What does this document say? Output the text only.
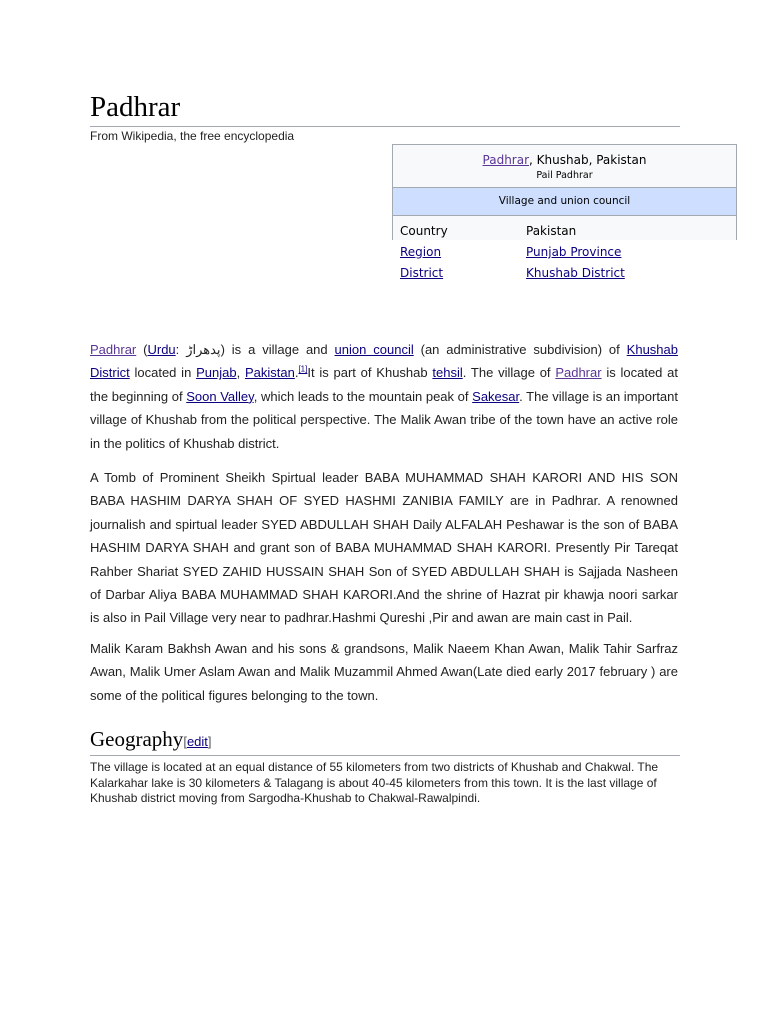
Padhrar
From Wikipedia, the free encyclopedia
Padhrar, Khushab, Pakistan
Pail Padhrar
Village and union council
Country	Pakistan
Region	Punjab Province
District	Khushab District
Padhrar (Urdu: پدھراڑ) is a village and union council (an administrative subdivision) of Khushab District located in Punjab, Pakistan.[1]It is part of Khushab tehsil. The village of Padhrar is located at the beginning of Soon Valley, which leads to the mountain peak of Sakesar. The village is an important village of Khushab from the political perspective. The Malik Awan tribe of the town have an active role in the politics of Khushab district.
A Tomb of Prominent Sheikh Spirtual leader BABA MUHAMMAD SHAH KARORI AND HIS SON BABA HASHIM DARYA SHAH OF SYED HASHMI ZANIBIA FAMILY are in Padhrar. A renowned journalish and spirtual leader SYED ABDULLAH SHAH Daily ALFALAH Peshawar is the son of BABA HASHIM DARYA SHAH and grant son of BABA MUHAMMAD SHAH KARORI. Presently Pir Tareqat Rahber Shariat SYED ZAHID HUSSAIN SHAH Son of SYED ABDULLAH SHAH is Sajjada Nasheen of Darbar Aliya BABA MUHAMMAD SHAH KARORI.And the shrine of Hazrat pir khawja noori sarkar is also in Pail Village very near to padhrar.Hashmi Qureshi ,Pir and awan are main cast in Pail.
Malik Karam Bakhsh Awan and his sons & grandsons, Malik Naeem Khan Awan, Malik Tahir Sarfraz Awan, Malik Umer Aslam Awan and Malik Muzammil Ahmed Awan(Late died early 2017 february ) are some of the political figures belonging to the town.
Geography[edit]
The village is located at an equal distance of 55 kilometers from two districts of Khushab and Chakwal. The Kalarkahar lake is 30 kilometers & Talagang is about 40-45 kilometers from this town. It is the last village of Khushab district moving from Sargodha-Khushab to Chakwal-Rawalpindi.
